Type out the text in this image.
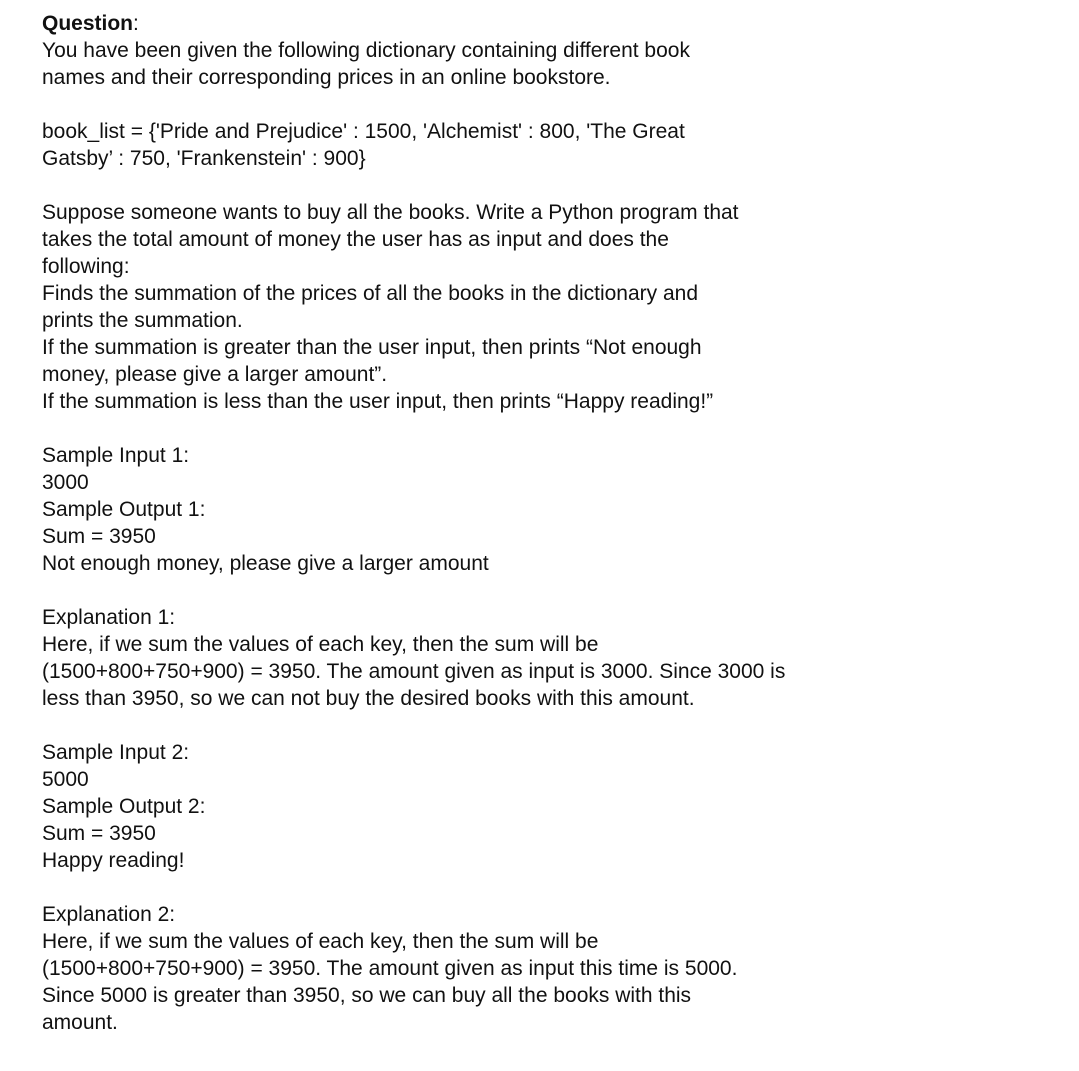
Question:
You have been given the following dictionary containing different book
names and their corresponding prices in an online bookstore.
book_list = {'Pride and Prejudice' : 1500, 'Alchemist' : 800, 'The Great
Gatsby’ : 750, 'Frankenstein' : 900}
Suppose someone wants to buy all the books. Write a Python program that
takes the total amount of money the user has as input and does the
following:
Finds the summation of the prices of all the books in the dictionary and
prints the summation.
If the summation is greater than the user input, then prints “Not enough
money, please give a larger amount”.
If the summation is less than the user input, then prints “Happy reading!”
Sample Input 1:
3000
Sample Output 1:
Sum = 3950
Not enough money, please give a larger amount
Explanation 1:
Here, if we sum the values of each key, then the sum will be
(1500+800+750+900) = 3950. The amount given as input is 3000. Since 3000 is
less than 3950, so we can not buy the desired books with this amount.
Sample Input 2:
5000
Sample Output 2:
Sum = 3950
Happy reading!
Explanation 2:
Here, if we sum the values of each key, then the sum will be
(1500+800+750+900) = 3950. The amount given as input this time is 5000.
Since 5000 is greater than 3950, so we can buy all the books with this
amount.
